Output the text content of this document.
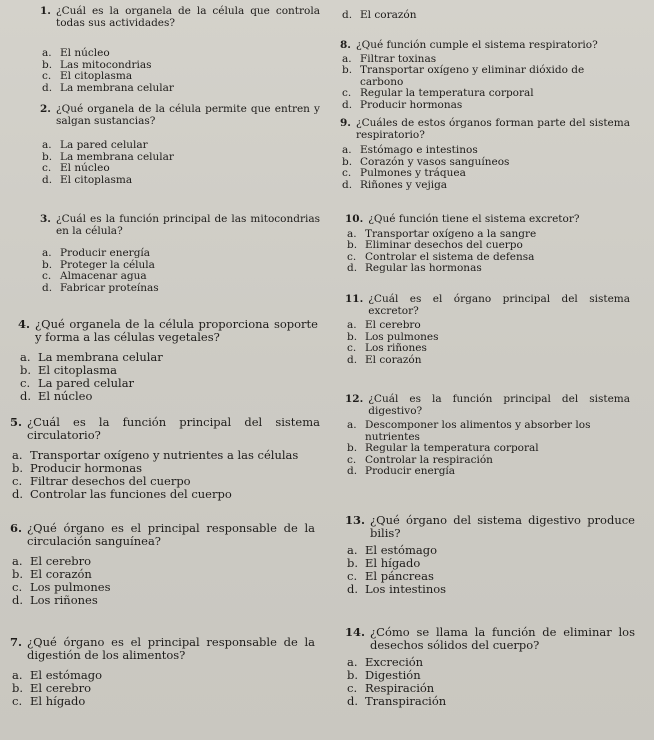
1. ¿Cuál es la organela de la célula que controla todas sus actividades?
a. El núcleo
b. Las mitocondrias
c. El citoplasma
d. La membrana celular
2. ¿Qué organela de la célula permite que entren y salgan sustancias?
a. La pared celular
b. La membrana celular
c. El núcleo
d. El citoplasma
3. ¿Cuál es la función principal de las mitocondrias en la célula?
a. Producir energía
b. Proteger la célula
c. Almacenar agua
d. Fabricar proteínas
4. ¿Qué organela de la célula proporciona soporte y forma a las células vegetales?
a. La membrana celular
b. El citoplasma
c. La pared celular
d. El núcleo
5. ¿Cuál es la función principal del sistema circulatorio?
a. Transportar oxígeno y nutrientes a las células
b. Producir hormonas
c. Filtrar desechos del cuerpo
d. Controlar las funciones del cuerpo
6. ¿Qué órgano es el principal responsable de la circulación sanguínea?
a. El cerebro
b. El corazón
c. Los pulmones
d. Los riñones
7. ¿Qué órgano es el principal responsable de la digestión de los alimentos?
a. El estómago
b. El cerebro
c. El hígado
d. El corazón
8. ¿Qué función cumple el sistema respiratorio?
a. Filtrar toxinas
b. Transportar oxígeno y eliminar dióxido de carbono
c. Regular la temperatura corporal
d. Producir hormonas
9. ¿Cuáles de estos órganos forman parte del sistema respiratorio?
a. Estómago e intestinos
b. Corazón y vasos sanguíneos
c. Pulmones y tráquea
d. Riñones y vejiga
10. ¿Qué función tiene el sistema excretor?
a. Transportar oxígeno a la sangre
b. Eliminar desechos del cuerpo
c. Controlar el sistema de defensa
d. Regular las hormonas
11. ¿Cuál es el órgano principal del sistema excretor?
a. El cerebro
b. Los pulmones
c. Los riñones
d. El corazón
12. ¿Cuál es la función principal del sistema digestivo?
a. Descomponer los alimentos y absorber los nutrientes
b. Regular la temperatura corporal
c. Controlar la respiración
d. Producir energía
13. ¿Qué órgano del sistema digestivo produce bilis?
a. El estómago
b. El hígado
c. El páncreas
d. Los intestinos
14. ¿Cómo se llama la función de eliminar los desechos sólidos del cuerpo?
a. Excreción
b. Digestión
c. Respiración
d. Transpiración
